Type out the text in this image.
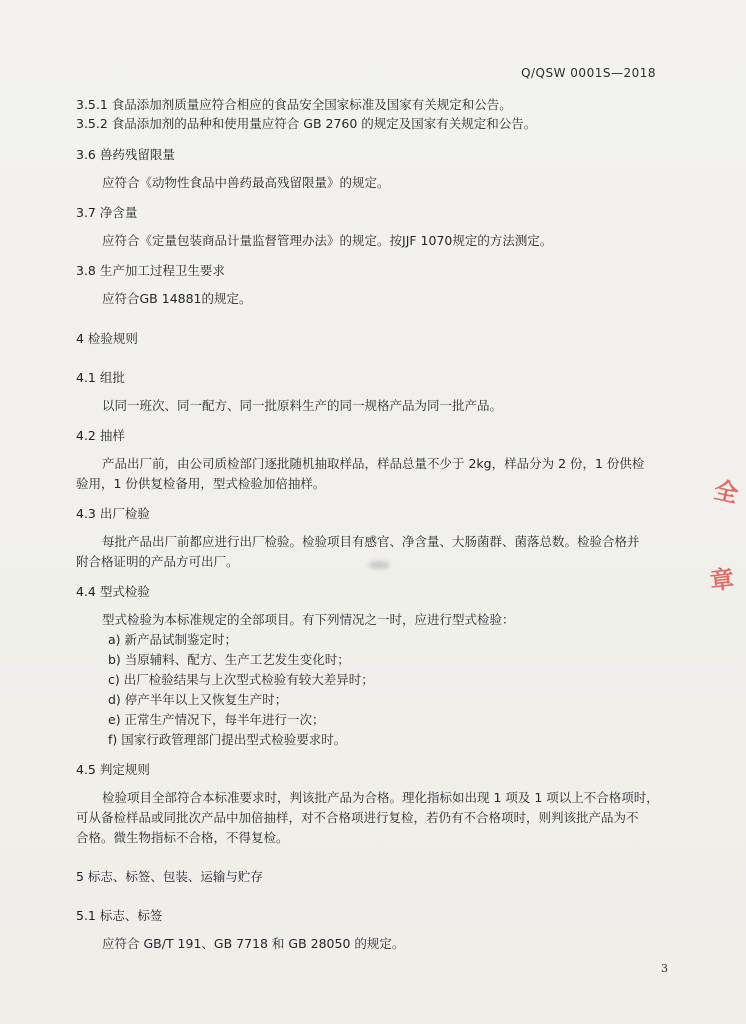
Q/QSW 0001S—2018
3.5.1 食品添加剂质量应符合相应的食品安全国家标准及国家有关规定和公告。
3.5.2 食品添加剂的品种和使用量应符合 GB 2760 的规定及国家有关规定和公告。
3.6 兽药残留限量
应符合《动物性食品中兽药最高残留限量》的规定。
3.7 净含量
应符合《定量包装商品计量监督管理办法》的规定。按JJF 1070规定的方法测定。
3.8 生产加工过程卫生要求
应符合GB 14881的规定。
4 检验规则
4.1 组批
以同一班次、同一配方、同一批原料生产的同一规格产品为同一批产品。
4.2 抽样
产品出厂前，由公司质检部门逐批随机抽取样品，样品总量不少于 2kg，样品分为 2 份，1 份供检
验用，1 份供复检备用，型式检验加倍抽样。
4.3 出厂检验
每批产品出厂前都应进行出厂检验。检验项目有感官、净含量、大肠菌群、菌落总数。检验合格并
附合格证明的产品方可出厂。
4.4 型式检验
型式检验为本标准规定的全部项目。有下列情况之一时，应进行型式检验：
a) 新产品试制鉴定时；
b) 当原辅料、配方、生产工艺发生变化时；
c) 出厂检验结果与上次型式检验有较大差异时；
d) 停产半年以上又恢复生产时；
e) 正常生产情况下，每半年进行一次；
f) 国家行政管理部门提出型式检验要求时。
4.5 判定规则
检验项目全部符合本标准要求时，判该批产品为合格。理化指标如出现 1 项及 1 项以上不合格项时，
可从备检样品或同批次产品中加倍抽样，对不合格项进行复检，若仍有不合格项时，则判该批产品为不
合格。微生物指标不合格，不得复检。
5 标志、标签、包装、运输与贮存
5.1 标志、标签
应符合 GB/T 191、GB 7718 和 GB 28050 的规定。
3
全
章
